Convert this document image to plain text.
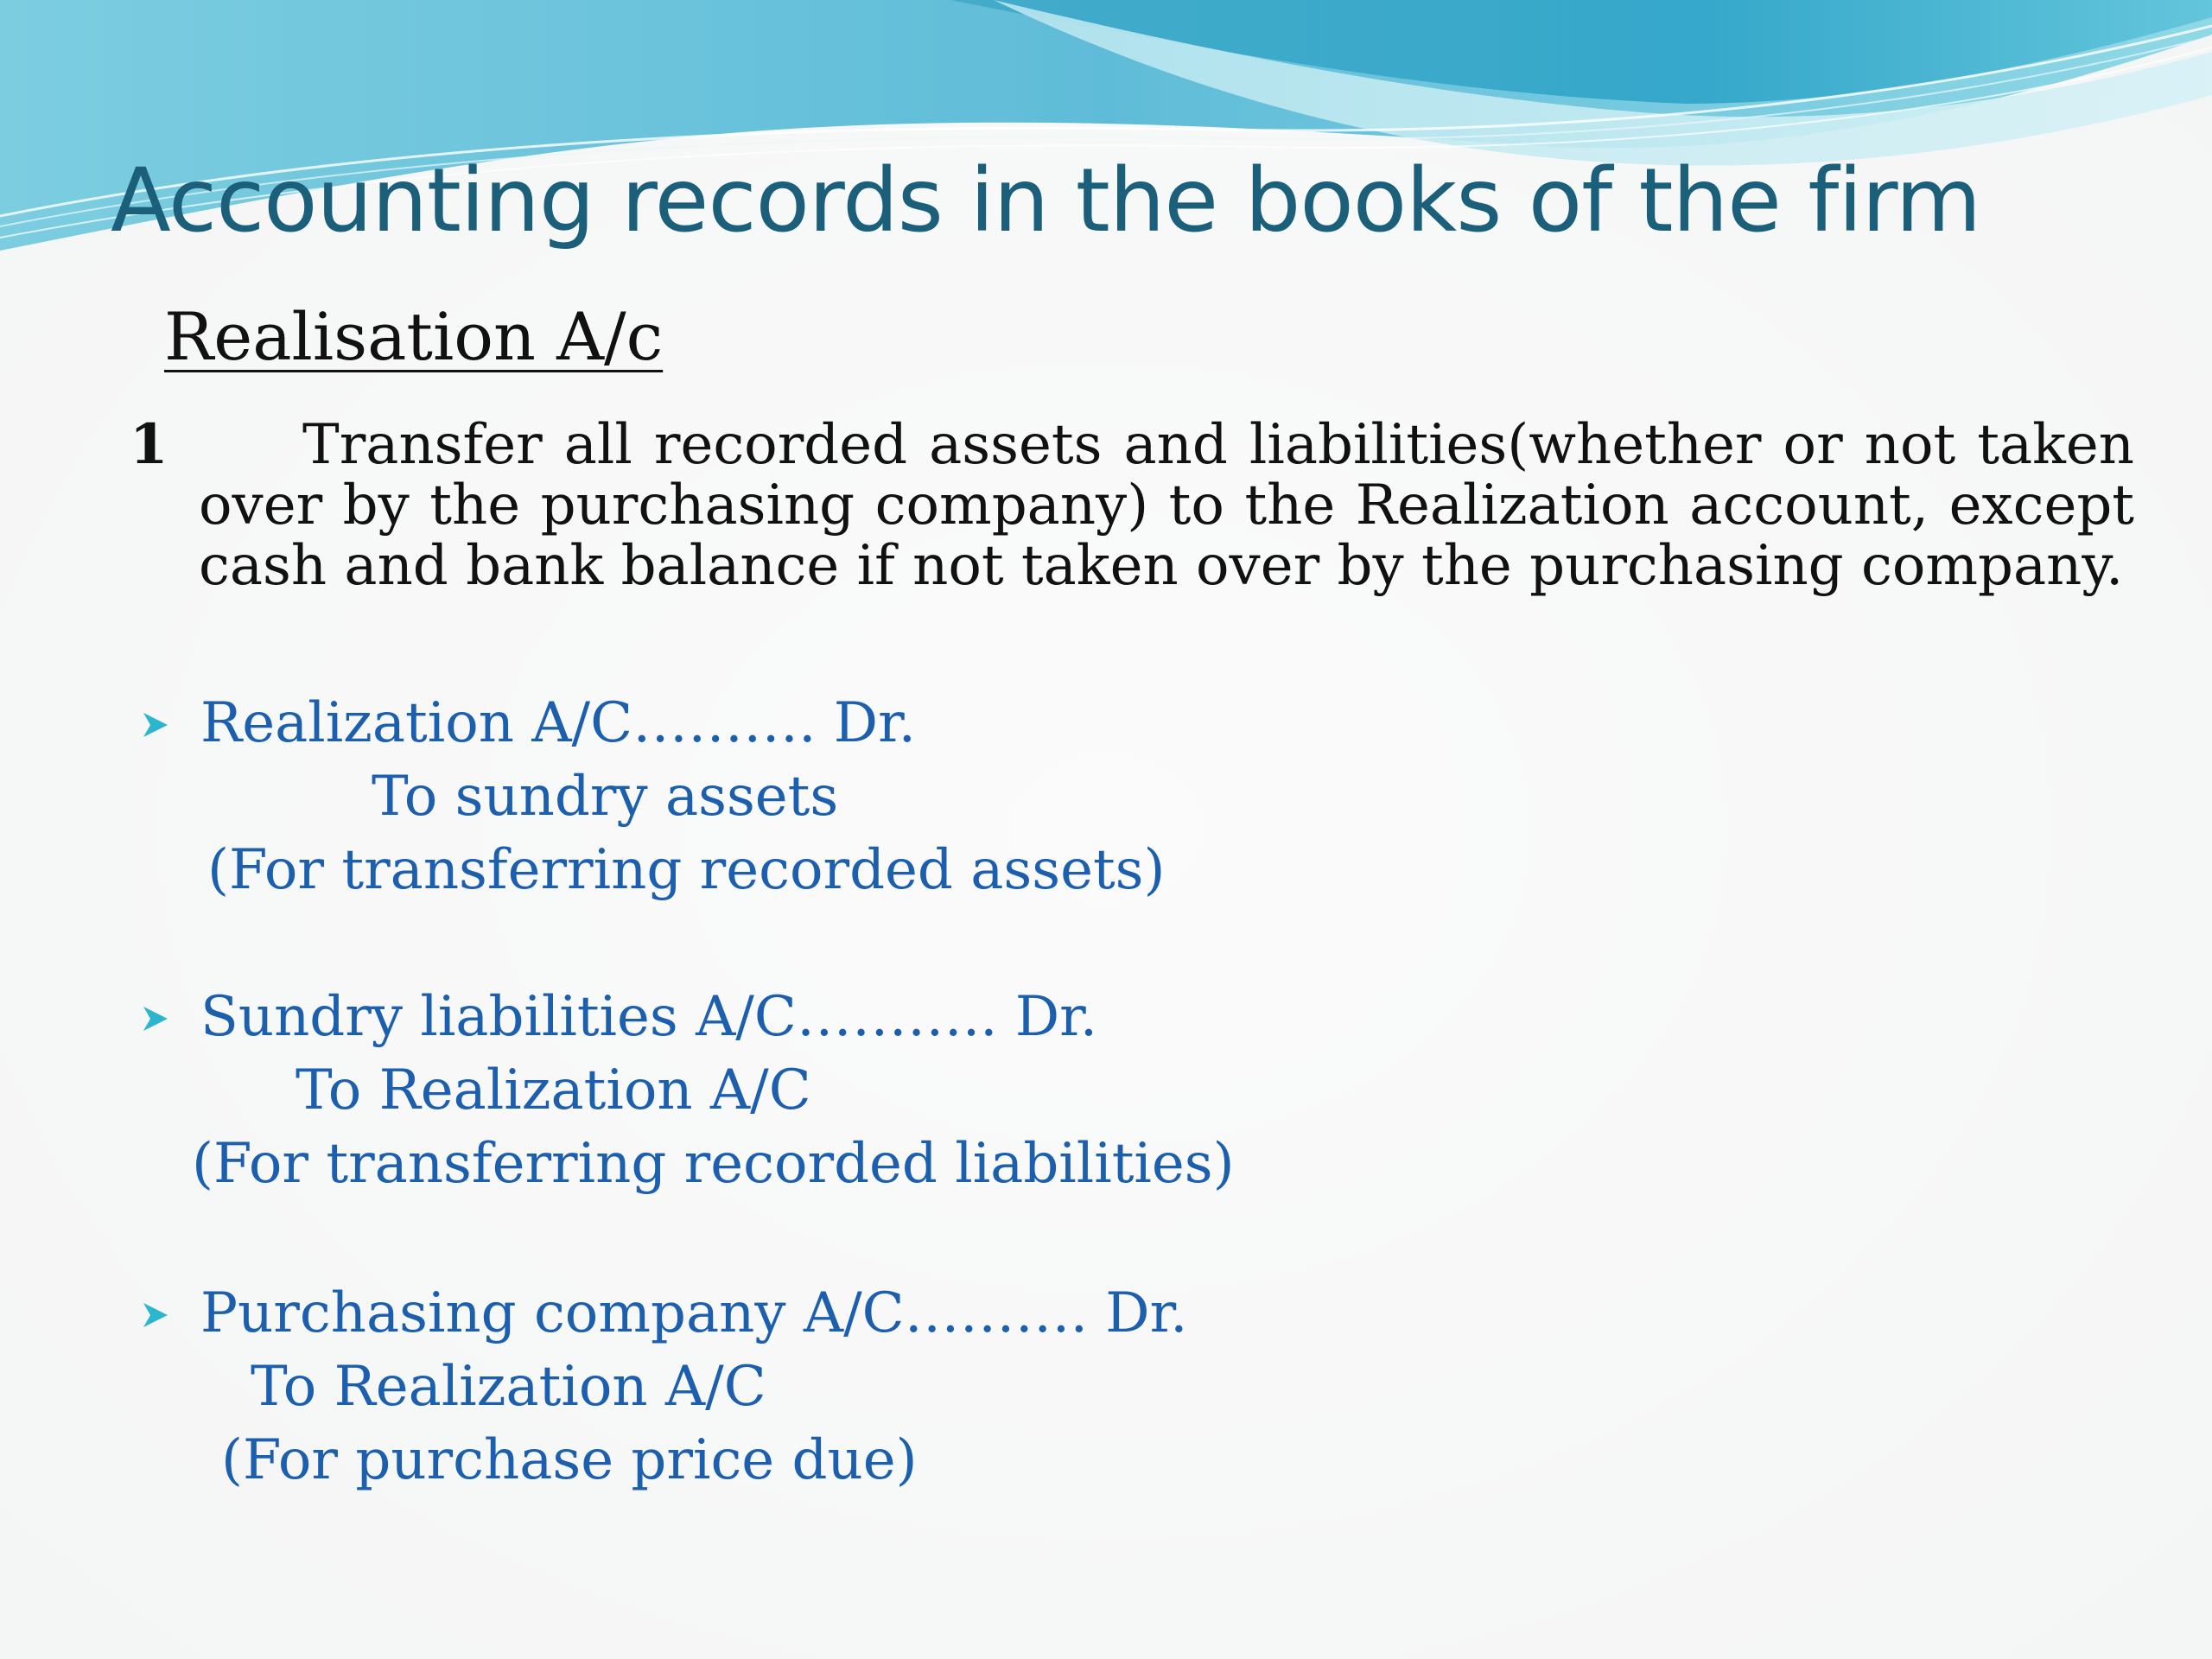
Accounting records in the books of the firm
Realisation A/c
1	Transfer all recorded assets and liabilities(whether or not taken over by the purchasing company) to the Realization account, except cash and bank balance if not taken over by the purchasing company.

Realization A/C………. Dr.
To sundry assets
(For transferring recorded assets)
Sundry liabilities A/C……….. Dr.
To Realization A/C
(For transferring recorded liabilities)
Purchasing company A/C………. Dr.
To Realization A/C
(For purchase price due)
